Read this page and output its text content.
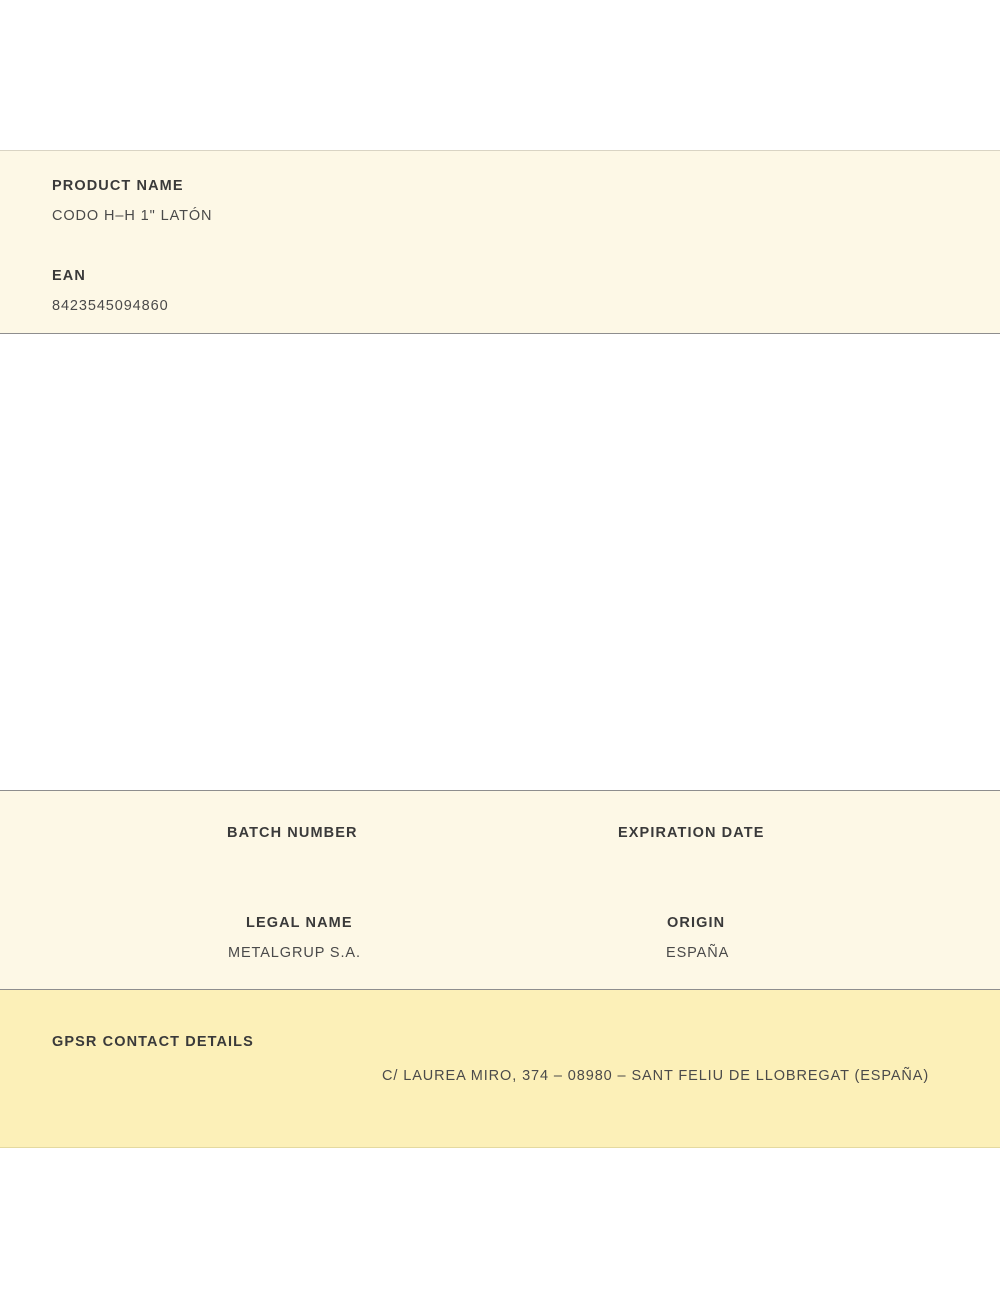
PRODUCT NAME
CODO H–H 1" LATÓN
EAN
8423545094860
BATCH NUMBER
LEGAL NAME
METALGRUP S.A.
EXPIRATION DATE
ORIGIN
ESPAÑA
GPSR CONTACT DETAILS
C/ LAUREA MIRO, 374 – 08980 – SANT FELIU DE LLOBREGAT (ESPAÑA)
